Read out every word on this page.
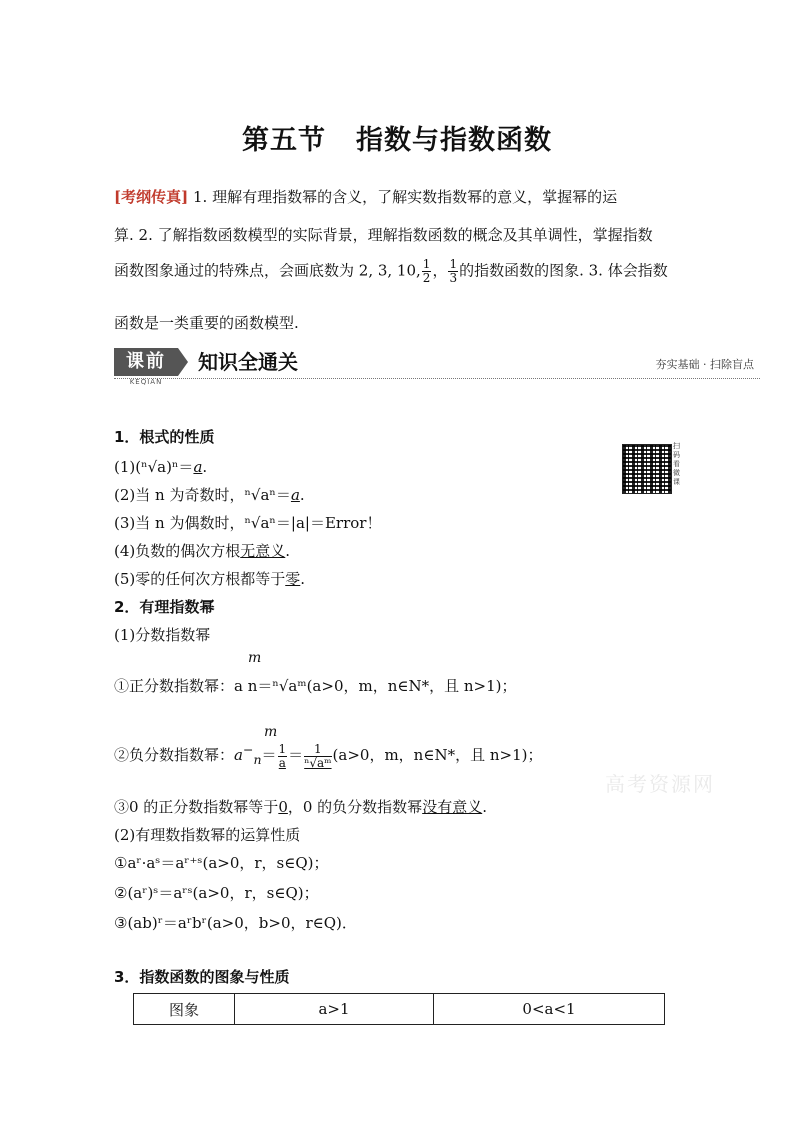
第五节 指数与指数函数
[考纲传真] 1. 理解有理指数幂的含义，了解实数指数幂的意义，掌握幂的运
算. 2. 了解指数函数模型的实际背景，理解指数函数的概念及其单调性，掌握指数
函数图象通过的特殊点，会画底数为 2, 3, 10, $\frac{1}{2}$ ， $\frac{1}{3}$ 的指数函数的图象. 3. 体会指数
函数是一类重要的函数模型.
课前
KEQIAN
知识全通关	夯实基础 · 扫除盲点
扫码看微课
1．根式的性质
(1)(ⁿ√a)ⁿ＝a.
(2)当 n 为奇数时，ⁿ√aⁿ＝a.
(3)当 n 为偶数时，ⁿ√aⁿ＝|a|＝Error！
(4)负数的偶次方根无意义.
(5)零的任何次方根都等于零.
2．有理指数幂
(1)分数指数幂
m
①正分数指数幂：a n＝ⁿ√aᵐ(a>0，m，n∈N*，且 n>1)；
m
②负分数指数幂：$a^-_n= \frac{1}{a} = \frac{1}{\text{ⁿ√aᵐ}} (a>0$，m，n∈N*，且 n>1)；
高考资源网
③0 的正分数指数幂等于0，0 的负分数指数幂没有意义.
(2)有理数指数幂的运算性质
①aʳ·aˢ＝aʳ⁺ˢ(a>0，r，s∈Q)；
②(aʳ)ˢ＝aʳˢ(a>0，r，s∈Q)；
③(ab)ʳ＝aʳbʳ(a>0，b>0，r∈Q)．
3．指数函数的图象与性质
图象	a>1	0<a<1
